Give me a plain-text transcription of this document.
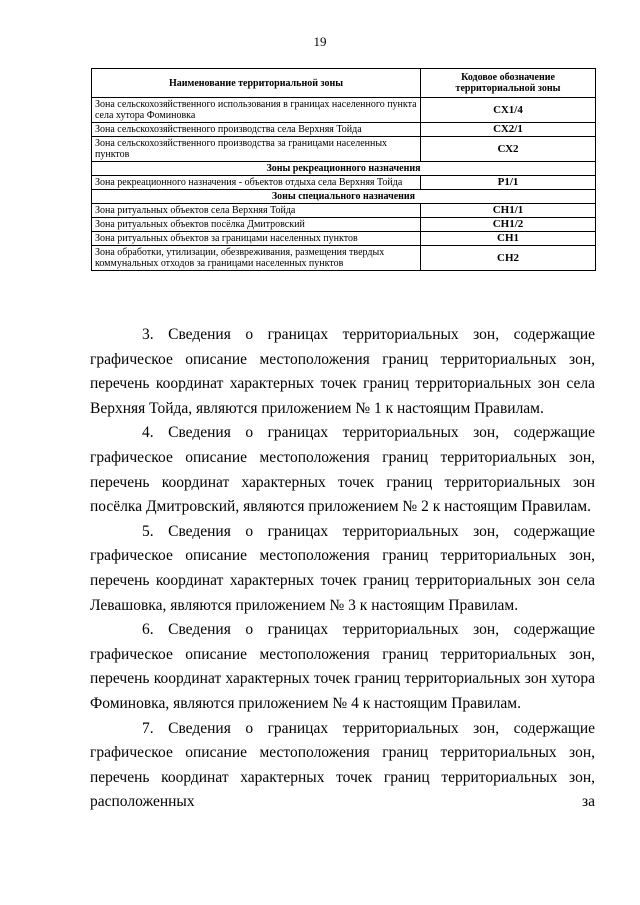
19
Наименование территориальной зоны	Кодовое обозначение территориальной зоны
Зона сельскохозяйственного использования в границах населенного пункта села хутора Фоминовка	СХ1/4
Зона сельскохозяйственного производства села Верхняя Тойда	СХ2/1
Зона сельскохозяйственного производства за границами населенных пунктов	СХ2
Зоны рекреационного назначения	
Зона рекреационного назначения - объектов отдыха села Верхняя Тойда	Р1/1
Зоны специального назначения	
Зона ритуальных объектов села Верхняя Тойда	СН1/1
Зона ритуальных объектов посёлка Дмитровский	СН1/2
Зона ритуальных объектов за границами населенных пунктов	СН1
Зона обработки, утилизации, обезвреживания, размещения твердых коммунальных отходов за границами населенных пунктов	СН2

3. Сведения о границах территориальных зон, содержащие графическое описание местоположения границ территориальных зон, перечень координат характерных точек границ территориальных зон села Верхняя Тойда, являются приложением № 1 к настоящим Правилам.

4. Сведения о границах территориальных зон, содержащие графическое описание местоположения границ территориальных зон, перечень координат характерных точек границ территориальных зон посёлка Дмитровский, являются приложением № 2 к настоящим Правилам.

5. Сведения о границах территориальных зон, содержащие графическое описание местоположения границ территориальных зон, перечень координат характерных точек границ территориальных зон села Левашовка, являются приложением № 3 к настоящим Правилам.

6. Сведения о границах территориальных зон, содержащие графическое описание местоположения границ территориальных зон, перечень координат характерных точек границ территориальных зон хутора Фоминовка, являются приложением № 4 к настоящим Правилам.

7. Сведения о границах территориальных зон, содержащие графическое описание местоположения границ территориальных зон, перечень координат характерных точек границ территориальных зон, расположенных за
